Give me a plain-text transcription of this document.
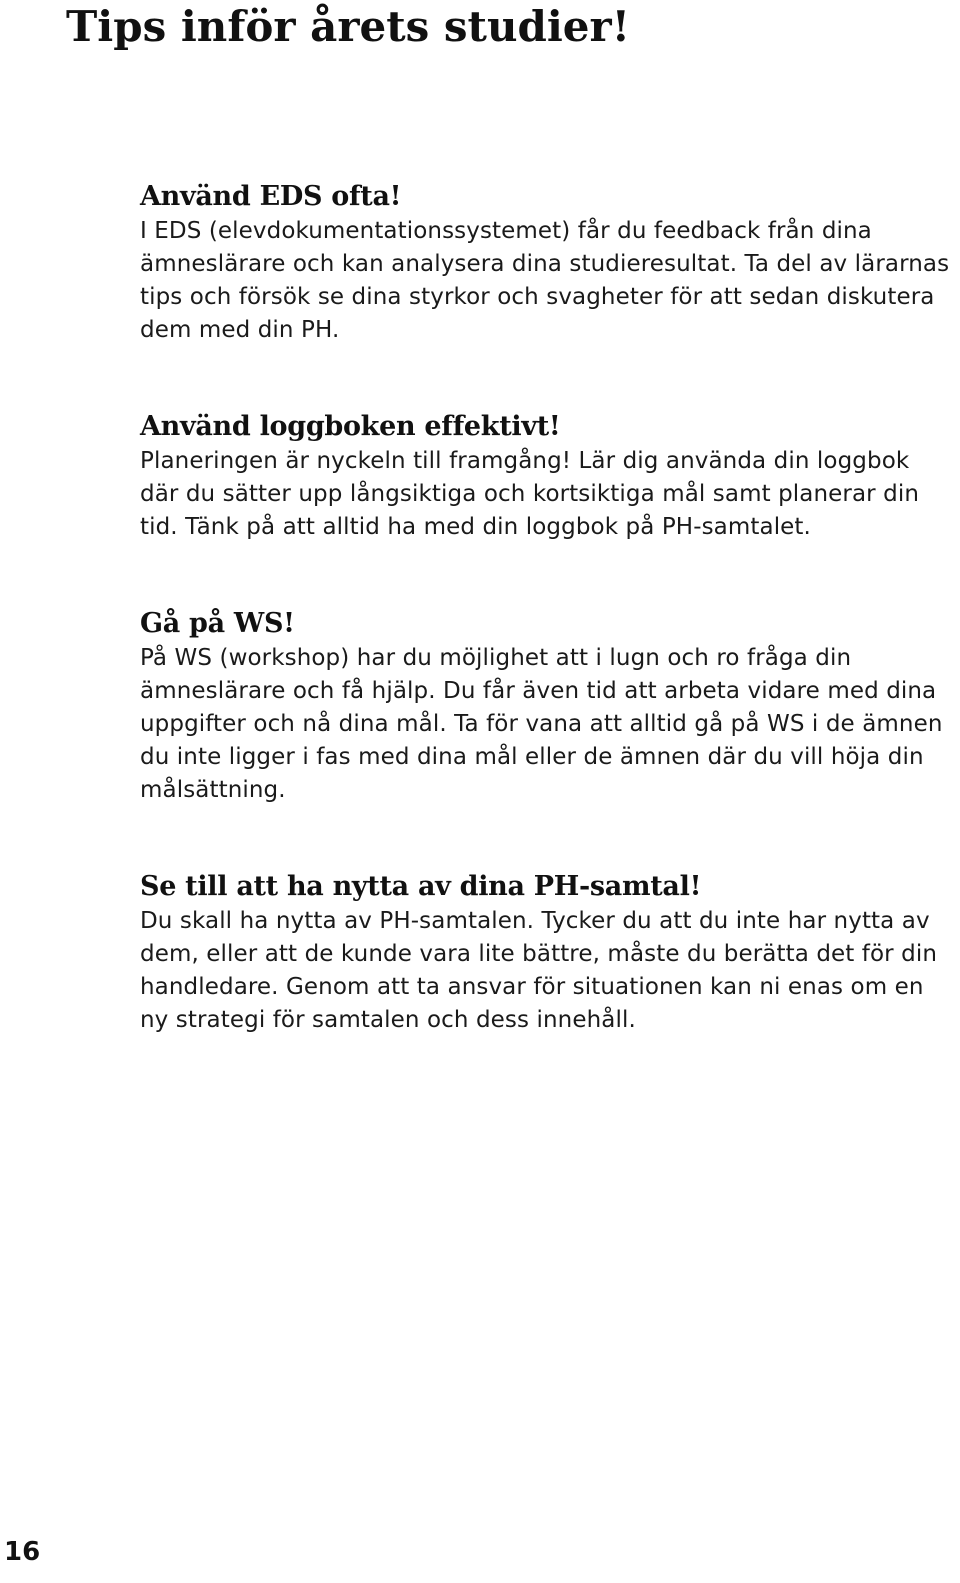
Tips inför årets studier!
Använd EDS ofta!

I EDS (elevdokumentationssystemet) får du feedback från dina ämneslärare och kan analysera dina studieresultat. Ta del av lärarnas tips och försök se dina styrkor och svagheter för att sedan diskutera dem med din PH.

Använd loggboken effektivt!

Planeringen är nyckeln till framgång! Lär dig använda din loggbok där du sätter upp långsiktiga och kortsiktiga mål samt planerar din tid. Tänk på att alltid ha med din loggbok på PH-samtalet.

Gå på WS!

På WS (workshop) har du möjlighet att i lugn och ro fråga din ämneslärare och få hjälp. Du får även tid att arbeta vidare med dina uppgifter och nå dina mål. Ta för vana att alltid gå på WS i de ämnen du inte ligger i fas med dina mål eller de ämnen där du vill höja din målsättning.

Se till att ha nytta av dina PH-samtal!

Du skall ha nytta av PH-samtalen. Tycker du att du inte har nytta av dem, eller att de kunde vara lite bättre, måste du berätta det för din handledare. Genom att ta ansvar för situationen kan ni enas om en ny strategi för samtalen och dess innehåll.

16
